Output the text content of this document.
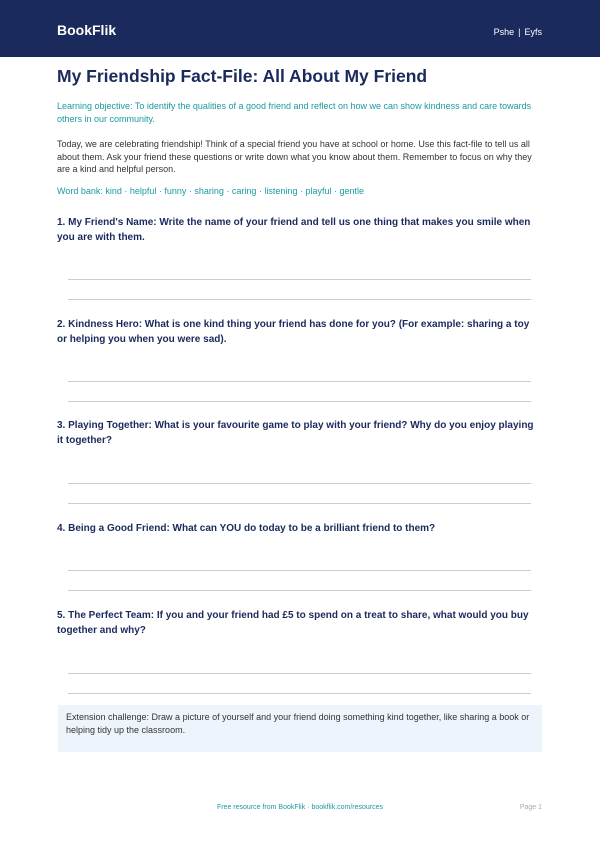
BookFlik	Pshe | Eyfs
My Friendship Fact-File: All About My Friend
Learning objective: To identify the qualities of a good friend and reflect on how we can show kindness and care towards others in our community.
Today, we are celebrating friendship! Think of a special friend you have at school or home. Use this fact-file to tell us all about them. Ask your friend these questions or write down what you know about them. Remember to focus on why they are a kind and helpful person.
Word bank: kind · helpful · funny · sharing · caring · listening · playful · gentle
1. My Friend's Name: Write the name of your friend and tell us one thing that makes you smile when you are with them.
2. Kindness Hero: What is one kind thing your friend has done for you? (For example: sharing a toy or helping you when you were sad).
3. Playing Together: What is your favourite game to play with your friend? Why do you enjoy playing it together?
4. Being a Good Friend: What can YOU do today to be a brilliant friend to them?
5. The Perfect Team: If you and your friend had £5 to spend on a treat to share, what would you buy together and why?
Extension challenge: Draw a picture of yourself and your friend doing something kind together, like sharing a book or helping tidy up the classroom.
Free resource from BookFlik · bookflik.com/resources	Page 1
